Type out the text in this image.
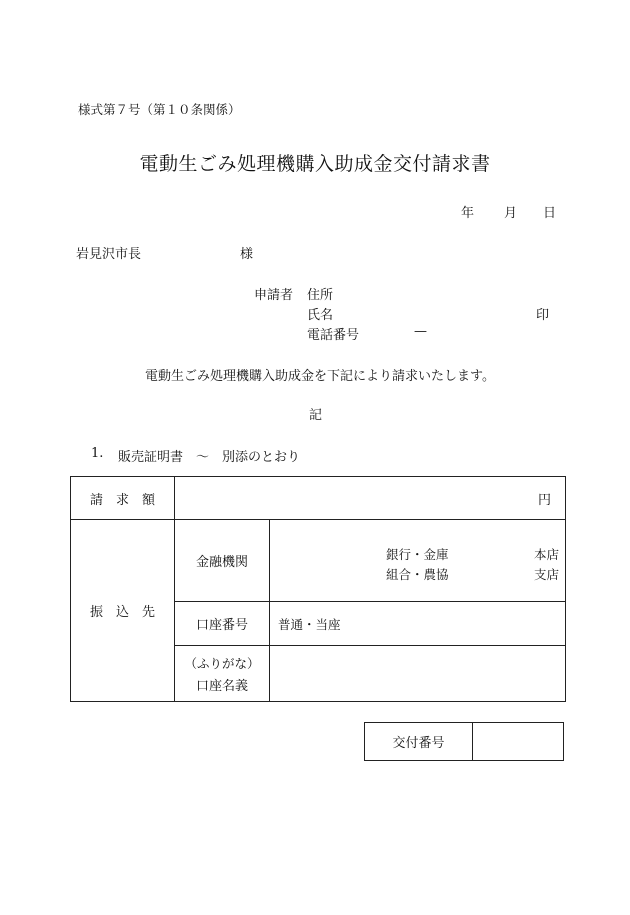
様式第７号（第１０条関係）
電動生ごみ処理機購入助成金交付請求書
年 月 日
岩見沢市長	様
申請者 住所
氏名	印
電話番号	—
電動生ごみ処理機購入助成金を下記により請求いたします。
記
1. 販売証明書　～　別添のとおり
請　求　額	円	
振　込　先	金融機関	銀行・金庫 本店
組合・農協 支店

	口座番号	普通・当座

	（ふりがな）
口座名義	

交付番号	
